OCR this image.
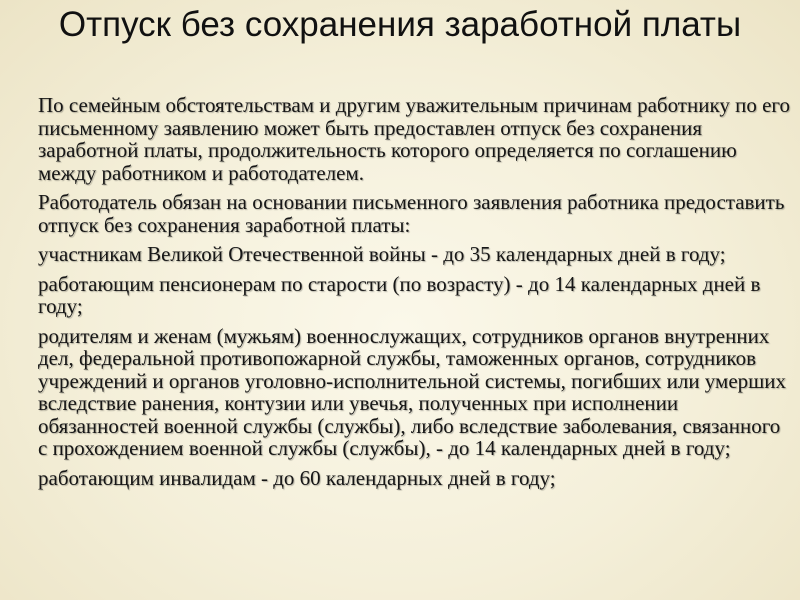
Отпуск без сохранения заработной платы

По семейным обстоятельствам и другим уважительным причинам работнику по его письменному заявлению может быть предоставлен отпуск без сохранения заработной платы, продолжительность которого определяется по соглашению между работником и работодателем.

Работодатель обязан на основании письменного заявления работника предоставить отпуск без сохранения заработной платы:

участникам Великой Отечественной войны - до 35 календарных дней в году;

работающим пенсионерам по старости (по возрасту) - до 14 календарных дней в году;

родителям и женам (мужьям) военнослужащих, сотрудников органов внутренних дел, федеральной противопожарной службы, таможенных органов, сотрудников учреждений и органов уголовно-исполнительной системы, погибших или умерших вследствие ранения, контузии или увечья, полученных при исполнении обязанностей военной службы (службы), либо вследствие заболевания, связанного с прохождением военной службы (службы), - до 14 календарных дней в году;

работающим инвалидам - до 60 календарных дней в году;
